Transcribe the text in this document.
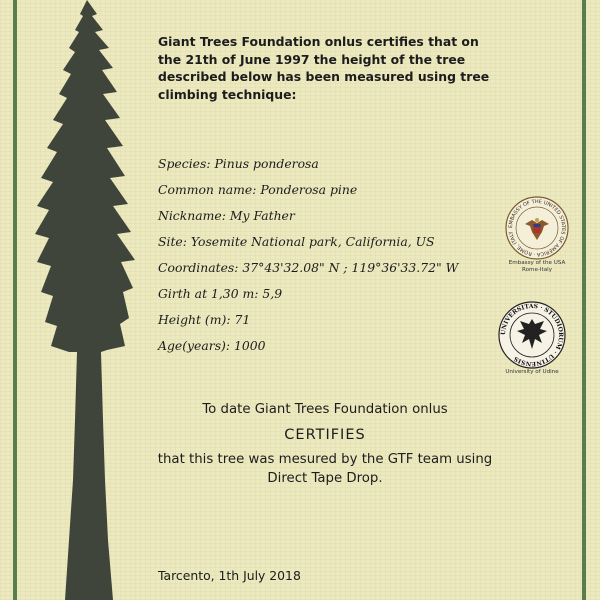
Giant Trees Foundation onlus certifies that on the 21th of June 1997 the height of the tree described below has been measured using tree climbing technique:
Species: Pinus ponderosa
Common name: Ponderosa pine
Nickname: My Father
Site: Yosemite National park, California, US
Coordinates: 37°43'32.08" N ; 119°36'33.72" W
Girth at 1,30 m: 5,9
Height (m): 71
Age(years): 1000
EMBASSY OF THE UNITED STATES OF AMERICA · ROME, ITALY
Embassy of the USA
Rome-Italy
UNIVERSITAS · STUDIORUM · UTINENSIS
University of Udine
To date Giant Trees Foundation onlus
CERTIFIES
that this tree was mesured by the GTF team using Direct Tape Drop.
Tarcento, 1th July 2018
